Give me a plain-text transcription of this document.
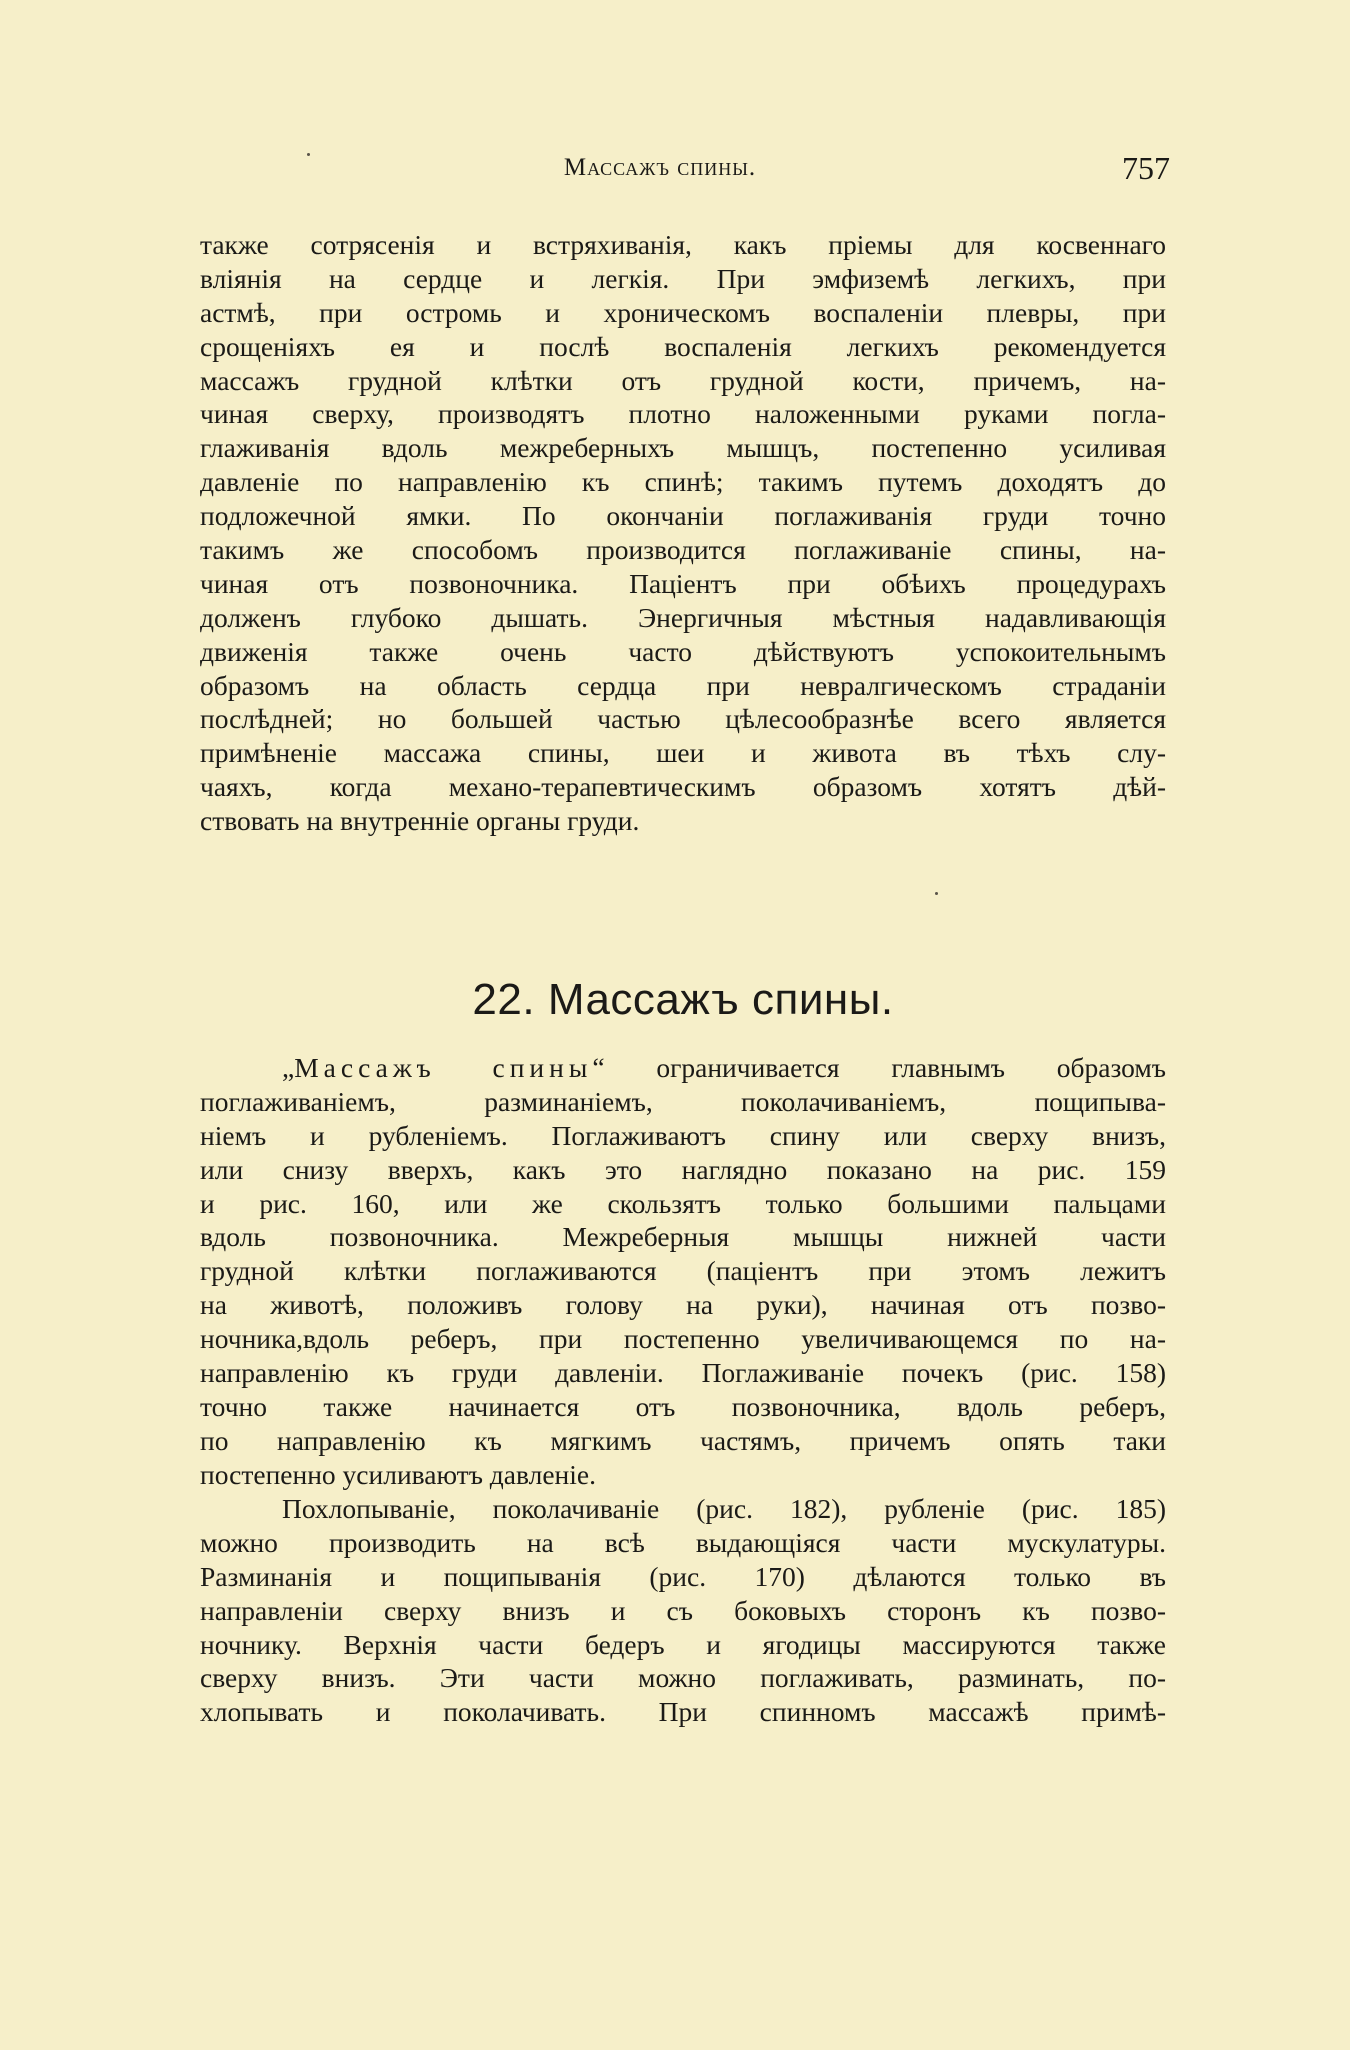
Массажъ спины.	757
также сотрясенія и встряхиванія, какъ пріемы для косвеннаго
вліянія на сердце и легкія. При эмфиземѣ легкихъ, при
астмѣ, при остромь и хроническомъ воспаленіи плевры, при
срощеніяхъ ея и послѣ воспаленія легкихъ рекомендуется
массажъ грудной клѣтки отъ грудной кости, причемъ, на-
чиная сверху, производятъ плотно наложенными руками погла-
глаживанія вдоль межреберныхъ мышцъ, постепенно усиливая
давленіе по направленію къ спинѣ; такимъ путемъ доходятъ до
подложечной ямки. По окончаніи поглаживанія груди точно
такимъ же способомъ производится поглаживаніе спины, на-
чиная отъ позвоночника. Паціентъ при обѣихъ процедурахъ
долженъ глубоко дышать. Энергичныя мѣстныя надавливающія
движенія также очень часто дѣйствуютъ успокоительнымъ
образомъ на область сердца при невралгическомъ страданіи
послѣдней; но большей частью цѣлесообразнѣе всего является
примѣненіе массажа спины, шеи и живота въ тѣхъ слу-
чаяхъ, когда механо-терапевтическимъ образомъ хотятъ дѣй-
ствовать на внутренніе органы груди.
22. Массажъ спины.
„Массажъ спины“ ограничивается главнымъ образомъ
поглаживаніемъ, разминаніемъ, поколачиваніемъ, пощипыва-
ніемъ и рубленіемъ. Поглаживаютъ спину или сверху внизъ,
или снизу вверхъ, какъ это наглядно показано на рис. 159
и рис. 160, или же скользятъ только большими пальцами
вдоль позвоночника. Межреберныя мышцы нижней части
грудной клѣтки поглаживаются (паціентъ при этомъ лежитъ
на животѣ, положивъ голову на руки), начиная отъ позво-
ночника,вдоль реберъ, при постепенно увеличивающемся по на-
направленію къ груди давленіи. Поглаживаніе почекъ (рис. 158)
точно также начинается отъ позвоночника, вдоль реберъ,
по направленію къ мягкимъ частямъ, причемъ опять таки
постепенно усиливаютъ давленіе.
Похлопываніе, поколачиваніе (рис. 182), рубленіе (рис. 185)
можно производить на всѣ выдающіяся части мускулатуры.
Разминанія и пощипыванія (рис. 170) дѣлаются только въ
направленіи сверху внизъ и съ боковыхъ сторонъ къ позво-
ночнику. Верхнія части бедеръ и ягодицы массируются также
сверху внизъ. Эти части можно поглаживать, разминать, по-
хлопывать и поколачивать. При спинномъ массажѣ примѣ-
